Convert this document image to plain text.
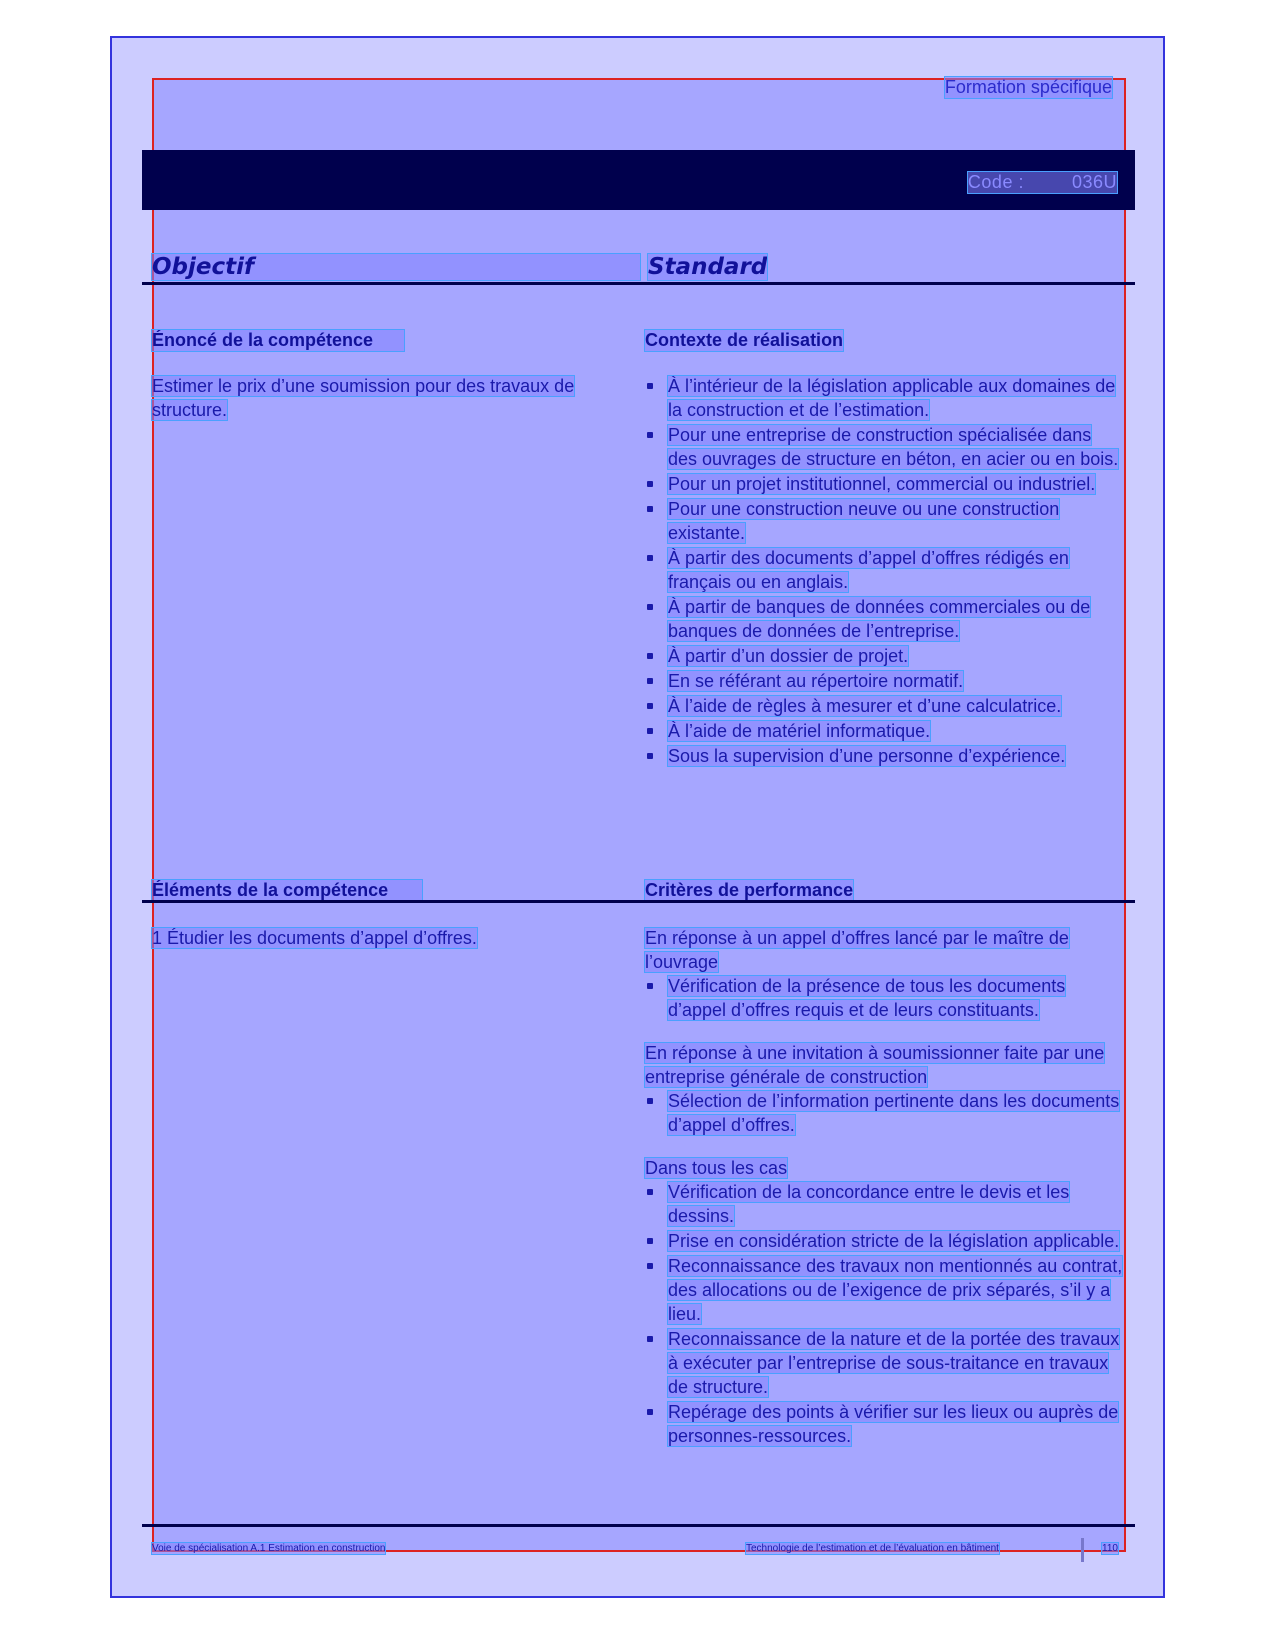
Formation spécifique
Code :	036U
Objectif	Standard
Énoncé de la compétence	Contexte de réalisation
Estimer le prix d’une soumission pour des travaux de structure.
À l’intérieur de la législation applicable aux domaines de la construction et de l’estimation.
Pour une entreprise de construction spécialisée dans des ouvrages de structure en béton, en acier ou en bois.
Pour un projet institutionnel, commercial ou industriel.
Pour une construction neuve ou une construction existante.
À partir des documents d’appel d’offres rédigés en français ou en anglais.
À partir de banques de données commerciales ou de banques de données de l’entreprise.
À partir d’un dossier de projet.
En se référant au répertoire normatif.
À l’aide de règles à mesurer et d’une calculatrice.
À l’aide de matériel informatique.
Sous la supervision d’une personne d’expérience.
Éléments de la compétence	Critères de performance
1 Étudier les documents d’appel d’offres.	En réponse à un appel d’offres lancé par le maître de l’ouvrage

Vérification de la présence de tous les documents d’appel d’offres requis et de leurs constituants.

En réponse à une invitation à soumissionner faite par une entreprise générale de construction

Sélection de l’information pertinente dans les documents d’appel d’offres.

Dans tous les cas

Vérification de la concordance entre le devis et les dessins.
Prise en considération stricte de la législation applicable.
Reconnaissance des travaux non mentionnés au contrat, des allocations ou de l’exigence de prix séparés, s’il y a lieu.
Reconnaissance de la nature et de la portée des travaux à exécuter par l’entreprise de sous-traitance en travaux de structure.
Repérage des points à vérifier sur les lieux ou auprès de personnes-ressources.
Voie de spécialisation A.1 Estimation en construction	Technologie de l’estimation et de l’évaluation en bâtiment	110
